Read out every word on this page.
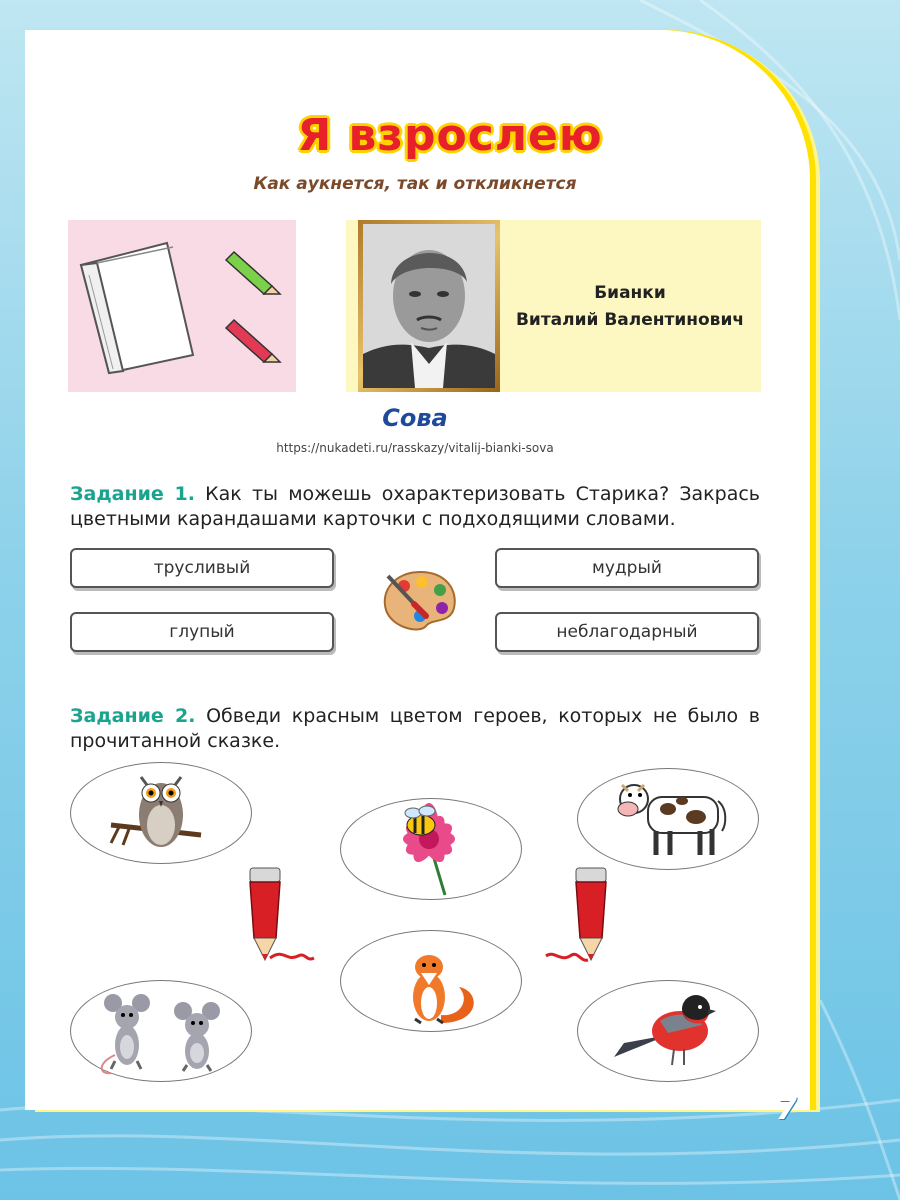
Я взрослею
Как аукнется, так и откликнется
Бианки
Виталий Валентинович
Сова
https://nukadeti.ru/rasskazy/vitalij-bianki-sova
Задание 1. Как ты можешь охарактеризовать Старика? Закрась цветными карандашами карточки с подходящими словами.
трусливый	мудрый
глупый	неблагодарный
Задание 2. Обведи красным цветом героев, которых не было в прочитанной сказке.
7
